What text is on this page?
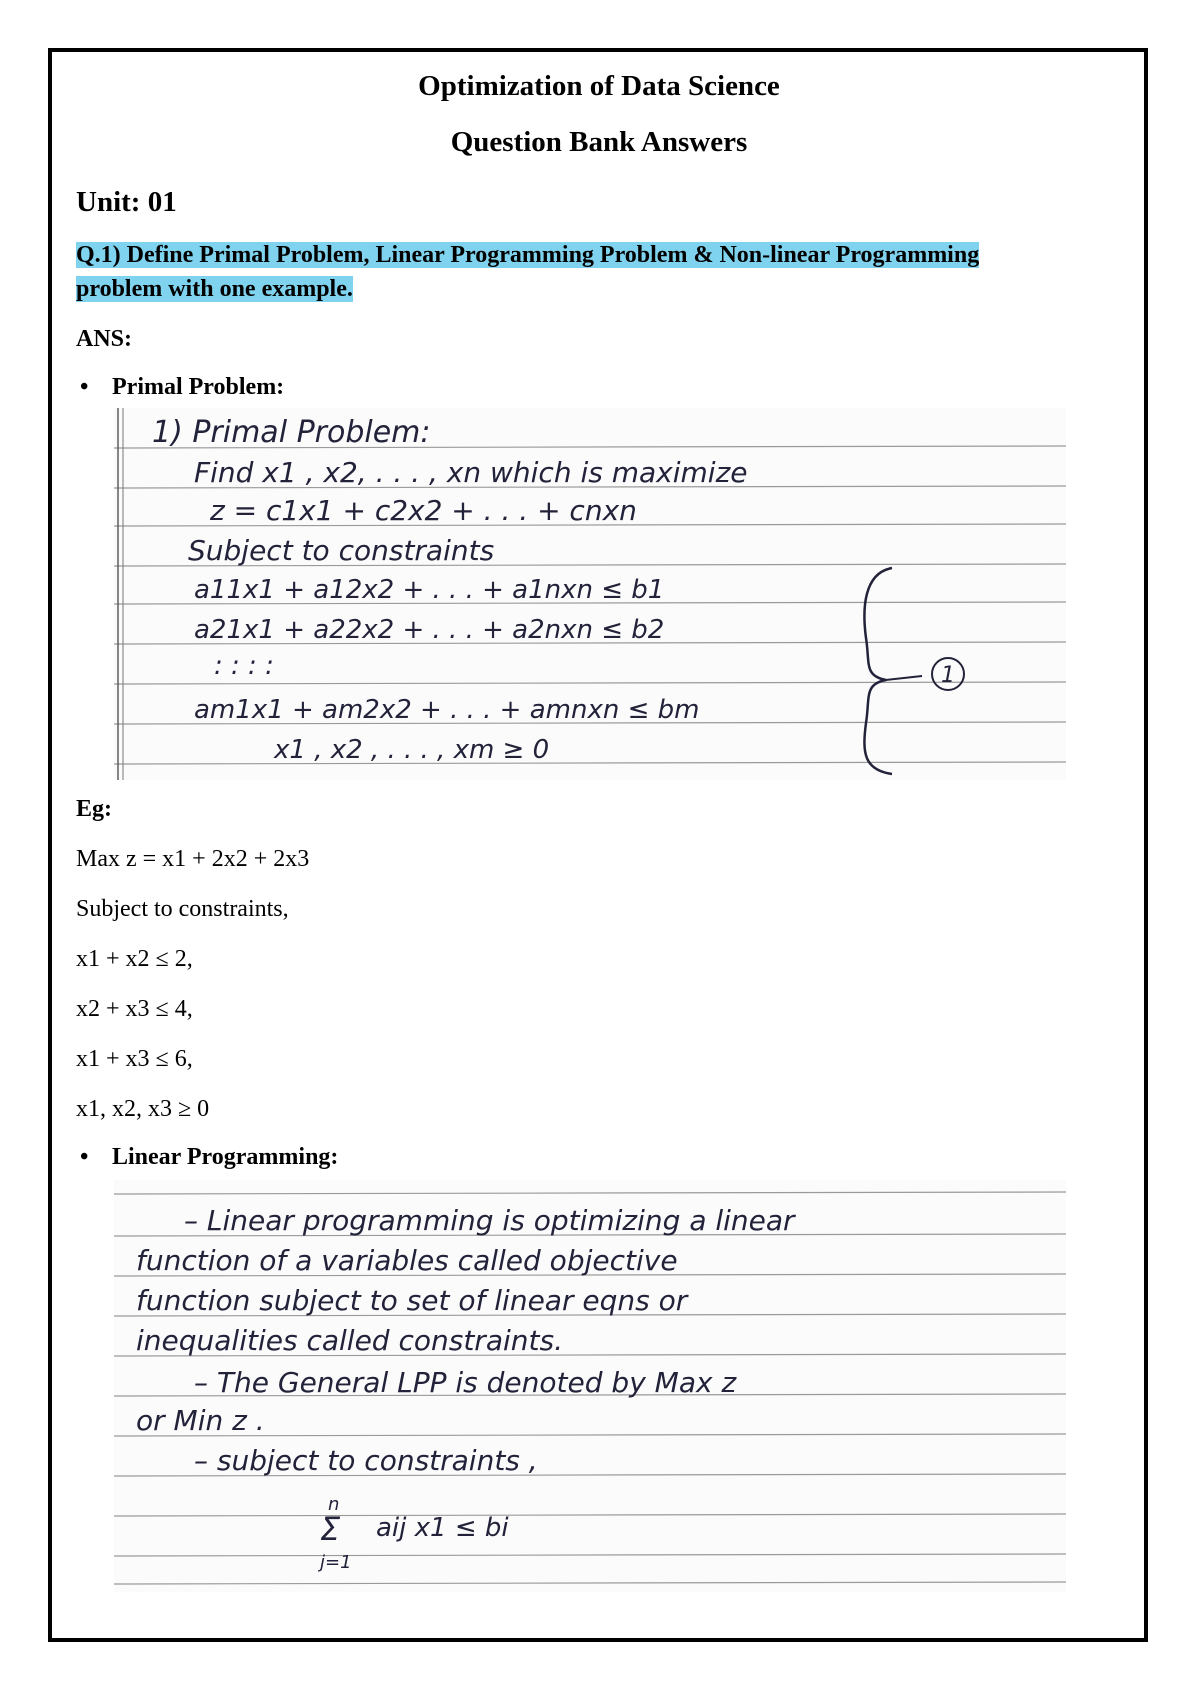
Optimization of Data Science

Question Bank Answers

Unit: 01

Q.1) Define Primal Problem, Linear Programming Problem & Non-linear Programming
problem with one example.

ANS:

• Primal Problem:
1) Primal Problem:
Find x1 , x2, . . . , xn which is maximize
z = c1x1 + c2x2 + . . . + cnxn
Subject to constraints
a11x1 + a12x2 + . . . + a1nxn ≤ b1
a21x1 + a22x2 + . . . + a2nxn ≤ b2
: : : :
am1x1 + am2x2 + . . . + amnxn ≤ bm
x1 , x2 , . . . , xm ≥ 0
1

Eg:

Max z = x1 + 2x2 + 2x3

Subject to constraints,

x1 + x2 ≤ 2,

x2 + x3 ≤ 4,

x1 + x3 ≤ 6,

x1, x2, x3 ≥ 0

• Linear Programming:
– Linear programming is optimizing a linear
function of a variables called objective
function subject to set of linear eqns or
inequalities called constraints.
– The General LPP is denoted by Max z
or Min z .
– subject to constraints ,
n
Σ
j=1
aij x1 ≤ bi
